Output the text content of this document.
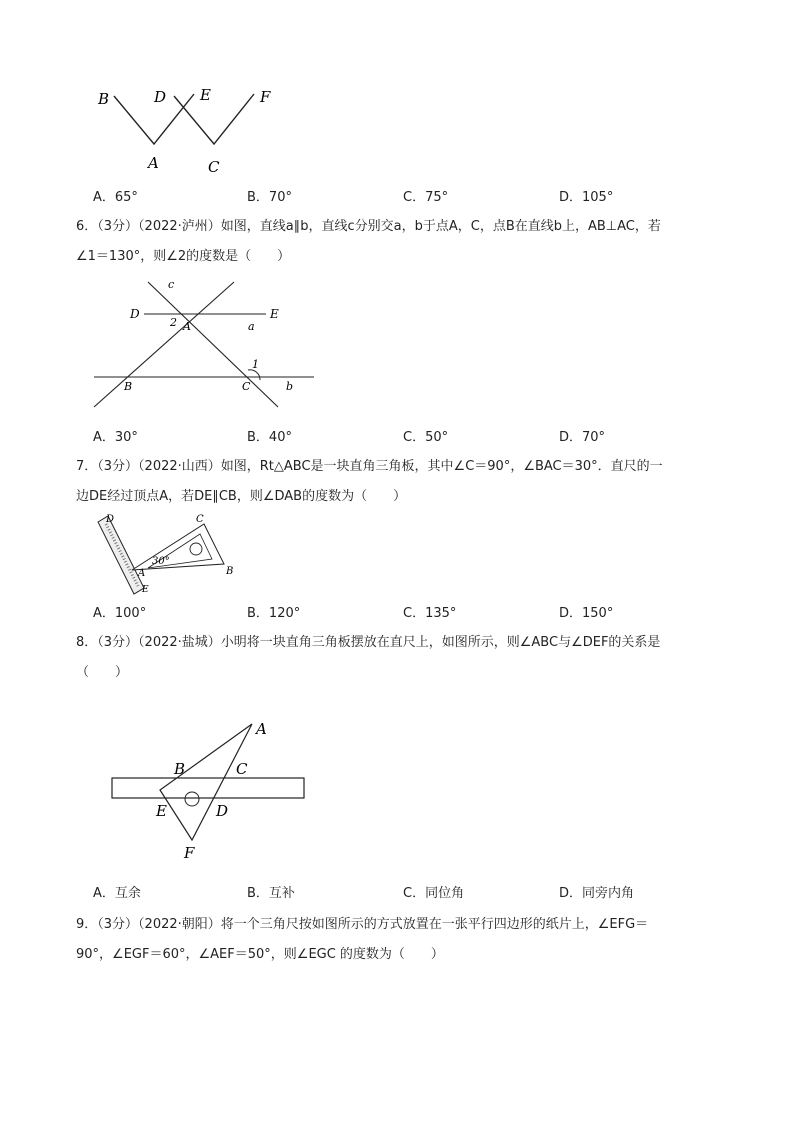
B	D E	F
A	C
A．65°	B．70°	C．75°	D．105°
6．（3分）（2022·泸州）如图，直线a∥b，直线c分别交a，b于点A，C，点B在直线b上，AB⊥AC，若
∠1＝130°，则∠2的度数是（　　）
c
D
2 A	a
E
1
B	C	b
A．30°	B．40°	C．50°	D．70°
7．（3分）（2022·山西）如图，Rt△ABC是一块直角三角板，其中∠C＝90°，∠BAC＝30°．直尺的一
边DE经过顶点A，若DE∥CB，则∠DAB的度数为（　　）
D	C
30°
A	B
E
A．100°	B．120°	C．135°	D．150°
8．（3分）（2022·盐城）小明将一块直角三角板摆放在直尺上，如图所示，则∠ABC与∠DEF的关系是
（　　）
A
B	C
E	D
F
A．互余	B．互补	C．同位角	D．同旁内角
9．（3分）（2022·朝阳）将一个三角尺按如图所示的方式放置在一张平行四边形的纸片上，∠EFG＝
90°，∠EGF＝60°，∠AEF＝50°，则∠EGC 的度数为（　　）
